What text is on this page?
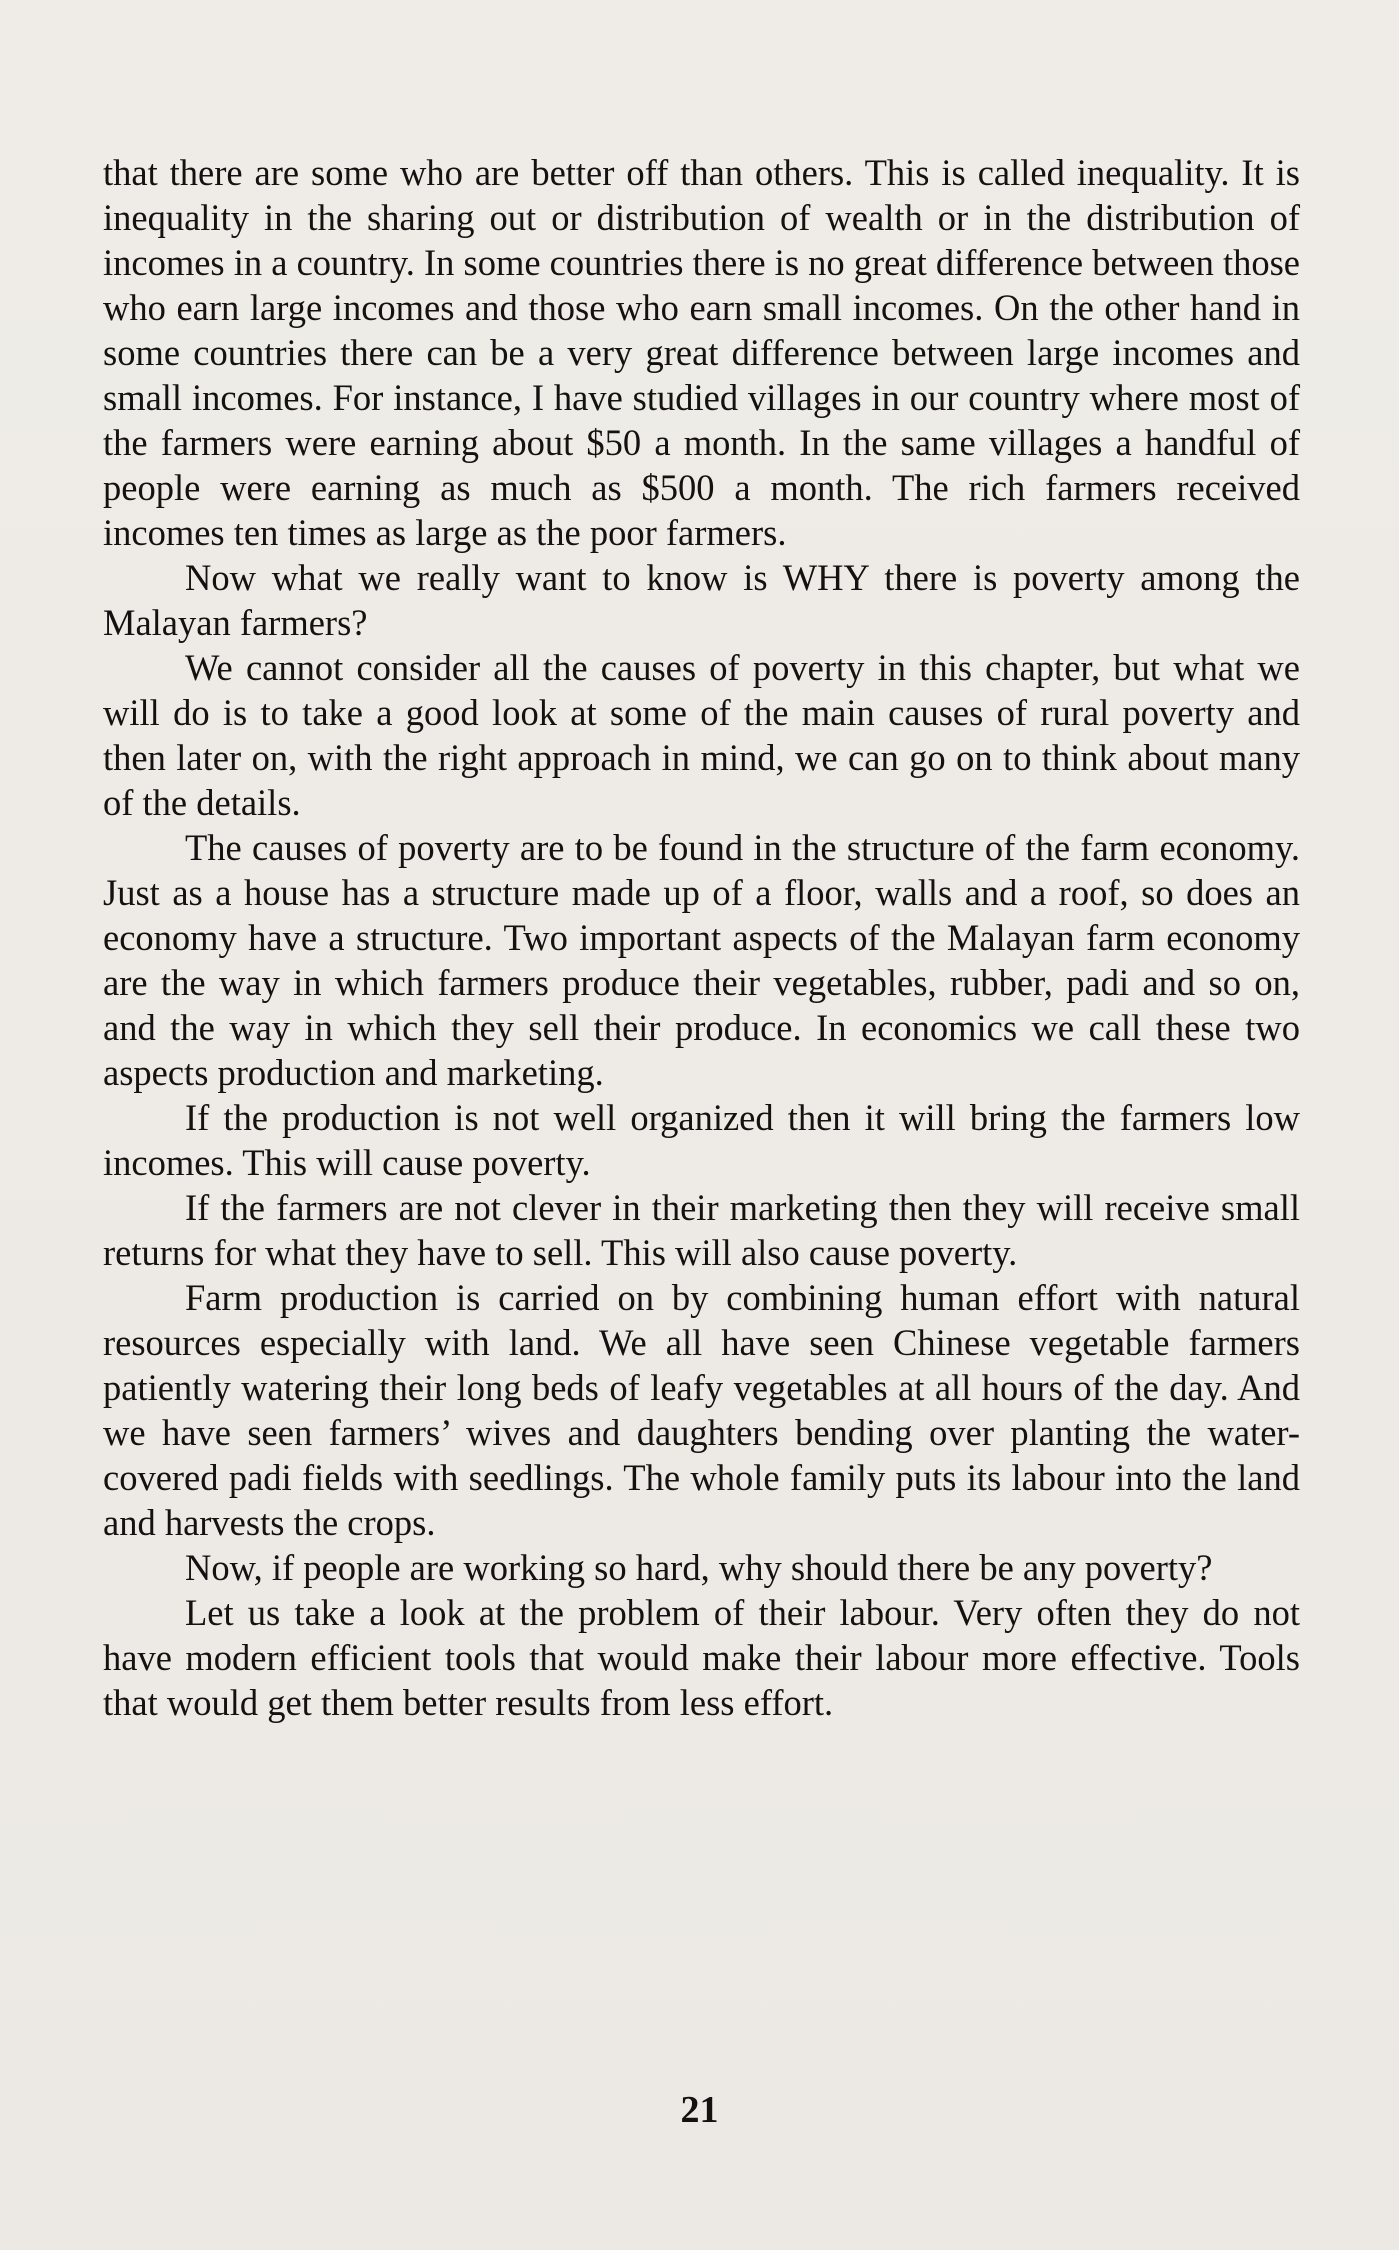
that there are some who are better off than others. This is called inequality. It is inequality in the sharing out or distribution of wealth or in the distribution of incomes in a country. In some countries there is no great difference between those who earn large incomes and those who earn small incomes. On the other hand in some countries there can be a very great difference between large incomes and small incomes. For instance, I have studied villages in our country where most of the farmers were earning about $50 a month. In the same villages a handful of people were earning as much as $500 a month. The rich farmers received incomes ten times as large as the poor farmers.

Now what we really want to know is WHY there is poverty among the Malayan farmers?

We cannot consider all the causes of poverty in this chapter, but what we will do is to take a good look at some of the main causes of rural poverty and then later on, with the right approach in mind, we can go on to think about many of the details.

The causes of poverty are to be found in the structure of the farm economy. Just as a house has a structure made up of a floor, walls and a roof, so does an economy have a structure. Two important aspects of the Malayan farm economy are the way in which farmers produce their vegetables, rubber, padi and so on, and the way in which they sell their produce. In economics we call these two aspects production and marketing.

If the production is not well organized then it will bring the farmers low incomes. This will cause poverty.

If the farmers are not clever in their marketing then they will receive small returns for what they have to sell. This will also cause poverty.

Farm production is carried on by combining human effort with natural resources especially with land. We all have seen Chinese vegetable farmers patiently watering their long beds of leafy vegetables at all hours of the day. And we have seen farmers’ wives and daughters bending over planting the water-covered padi fields with seedlings. The whole family puts its labour into the land and harvests the crops.

Now, if people are working so hard, why should there be any poverty?

Let us take a look at the problem of their labour. Very often they do not have modern efficient tools that would make their labour more effective. Tools that would get them better results from less effort.

21
